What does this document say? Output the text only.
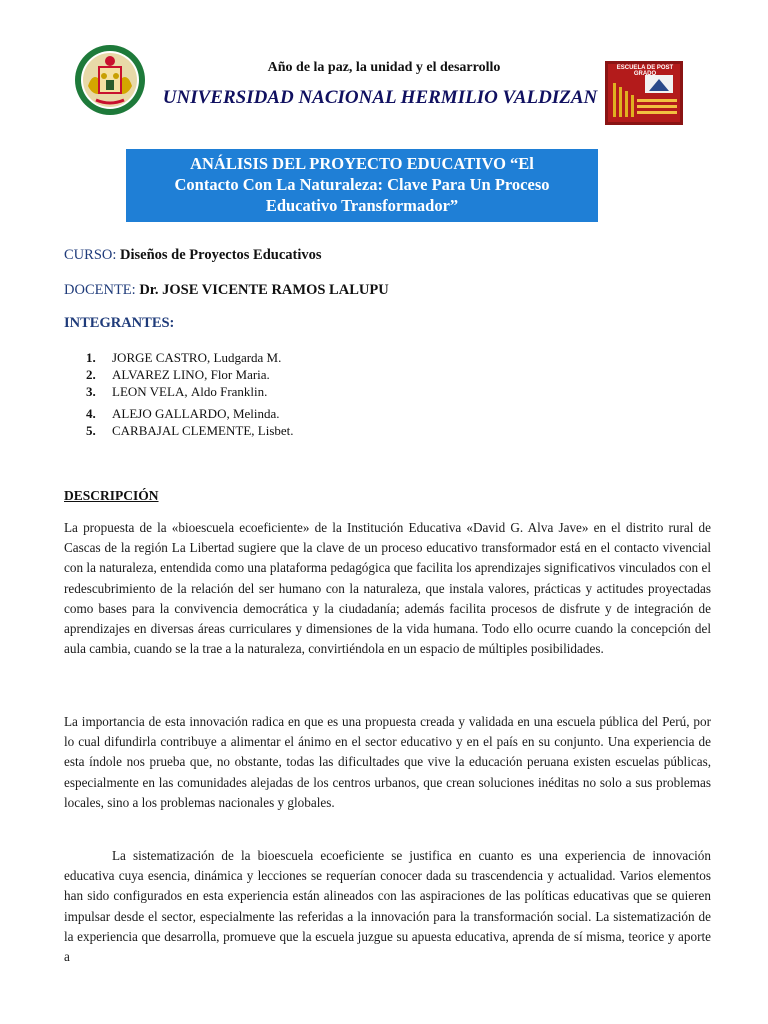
ESCUELA DE POST GRADO
Año de la paz, la unidad y el desarrollo
UNIVERSIDAD NACIONAL HERMILIO VALDIZAN
ANÁLISIS DEL PROYECTO EDUCATIVO “El
Contacto Con La Naturaleza: Clave Para Un Proceso
Educativo Transformador”
CURSO: Diseños de Proyectos Educativos
DOCENTE: Dr. JOSE VICENTE RAMOS LALUPU
INTEGRANTES:
1.	JORGE CASTRO,
Ludgarda M.
2.	ALVAREZ LINO,
Flor Maria.
3.	LEON VELA,
Aldo Franklin.
4.	ALEJO GALLARDO,
Melinda.
5.	CARBAJAL CLEMENTE,
Lisbet.
DESCRIPCIÓN

La propuesta de la «bioescuela ecoeficiente» de la Institución Educativa «David G. Alva Jave» en el distrito rural de Cascas de la región La Libertad sugiere que la clave de un proceso educativo transformador está en el contacto vivencial con la naturaleza, entendida como una plataforma pedagógica que facilita los aprendizajes significativos vinculados con el redescubrimiento de la relación del ser humano con la naturaleza, que instala valores, prácticas y actitudes proyectadas como bases para la convivencia democrática y la ciudadanía; además facilita procesos de disfrute y de integración de aprendizajes en diversas áreas curriculares y dimensiones de la vida humana. Todo ello ocurre cuando la concepción del aula cambia, cuando se la trae a la naturaleza, convirtiéndola en un espacio de múltiples posibilidades.

La importancia de esta innovación radica en que es una propuesta creada y validada en una escuela pública del Perú, por lo cual difundirla contribuye a alimentar el ánimo en el sector educativo y en el país en su conjunto. Una experiencia de esta índole nos prueba que, no obstante, todas las dificultades que vive la educación peruana existen escuelas públicas, especialmente en las comunidades alejadas de los centros urbanos, que crean soluciones inéditas no solo a sus problemas locales, sino a los problemas nacionales y globales.

La sistematización de la bioescuela ecoeficiente se justifica en cuanto es una experiencia de innovación educativa cuya esencia, dinámica y lecciones se requerían conocer dada su trascendencia y actualidad. Varios elementos han sido configurados en esta experiencia están alineados con las aspiraciones de las políticas educativas que se quieren impulsar desde el sector, especialmente las referidas a la innovación para la transformación social. La sistematización de la experiencia que desarrolla, promueve que la escuela juzgue su apuesta educativa, aprenda de sí misma, teorice y aporte a
